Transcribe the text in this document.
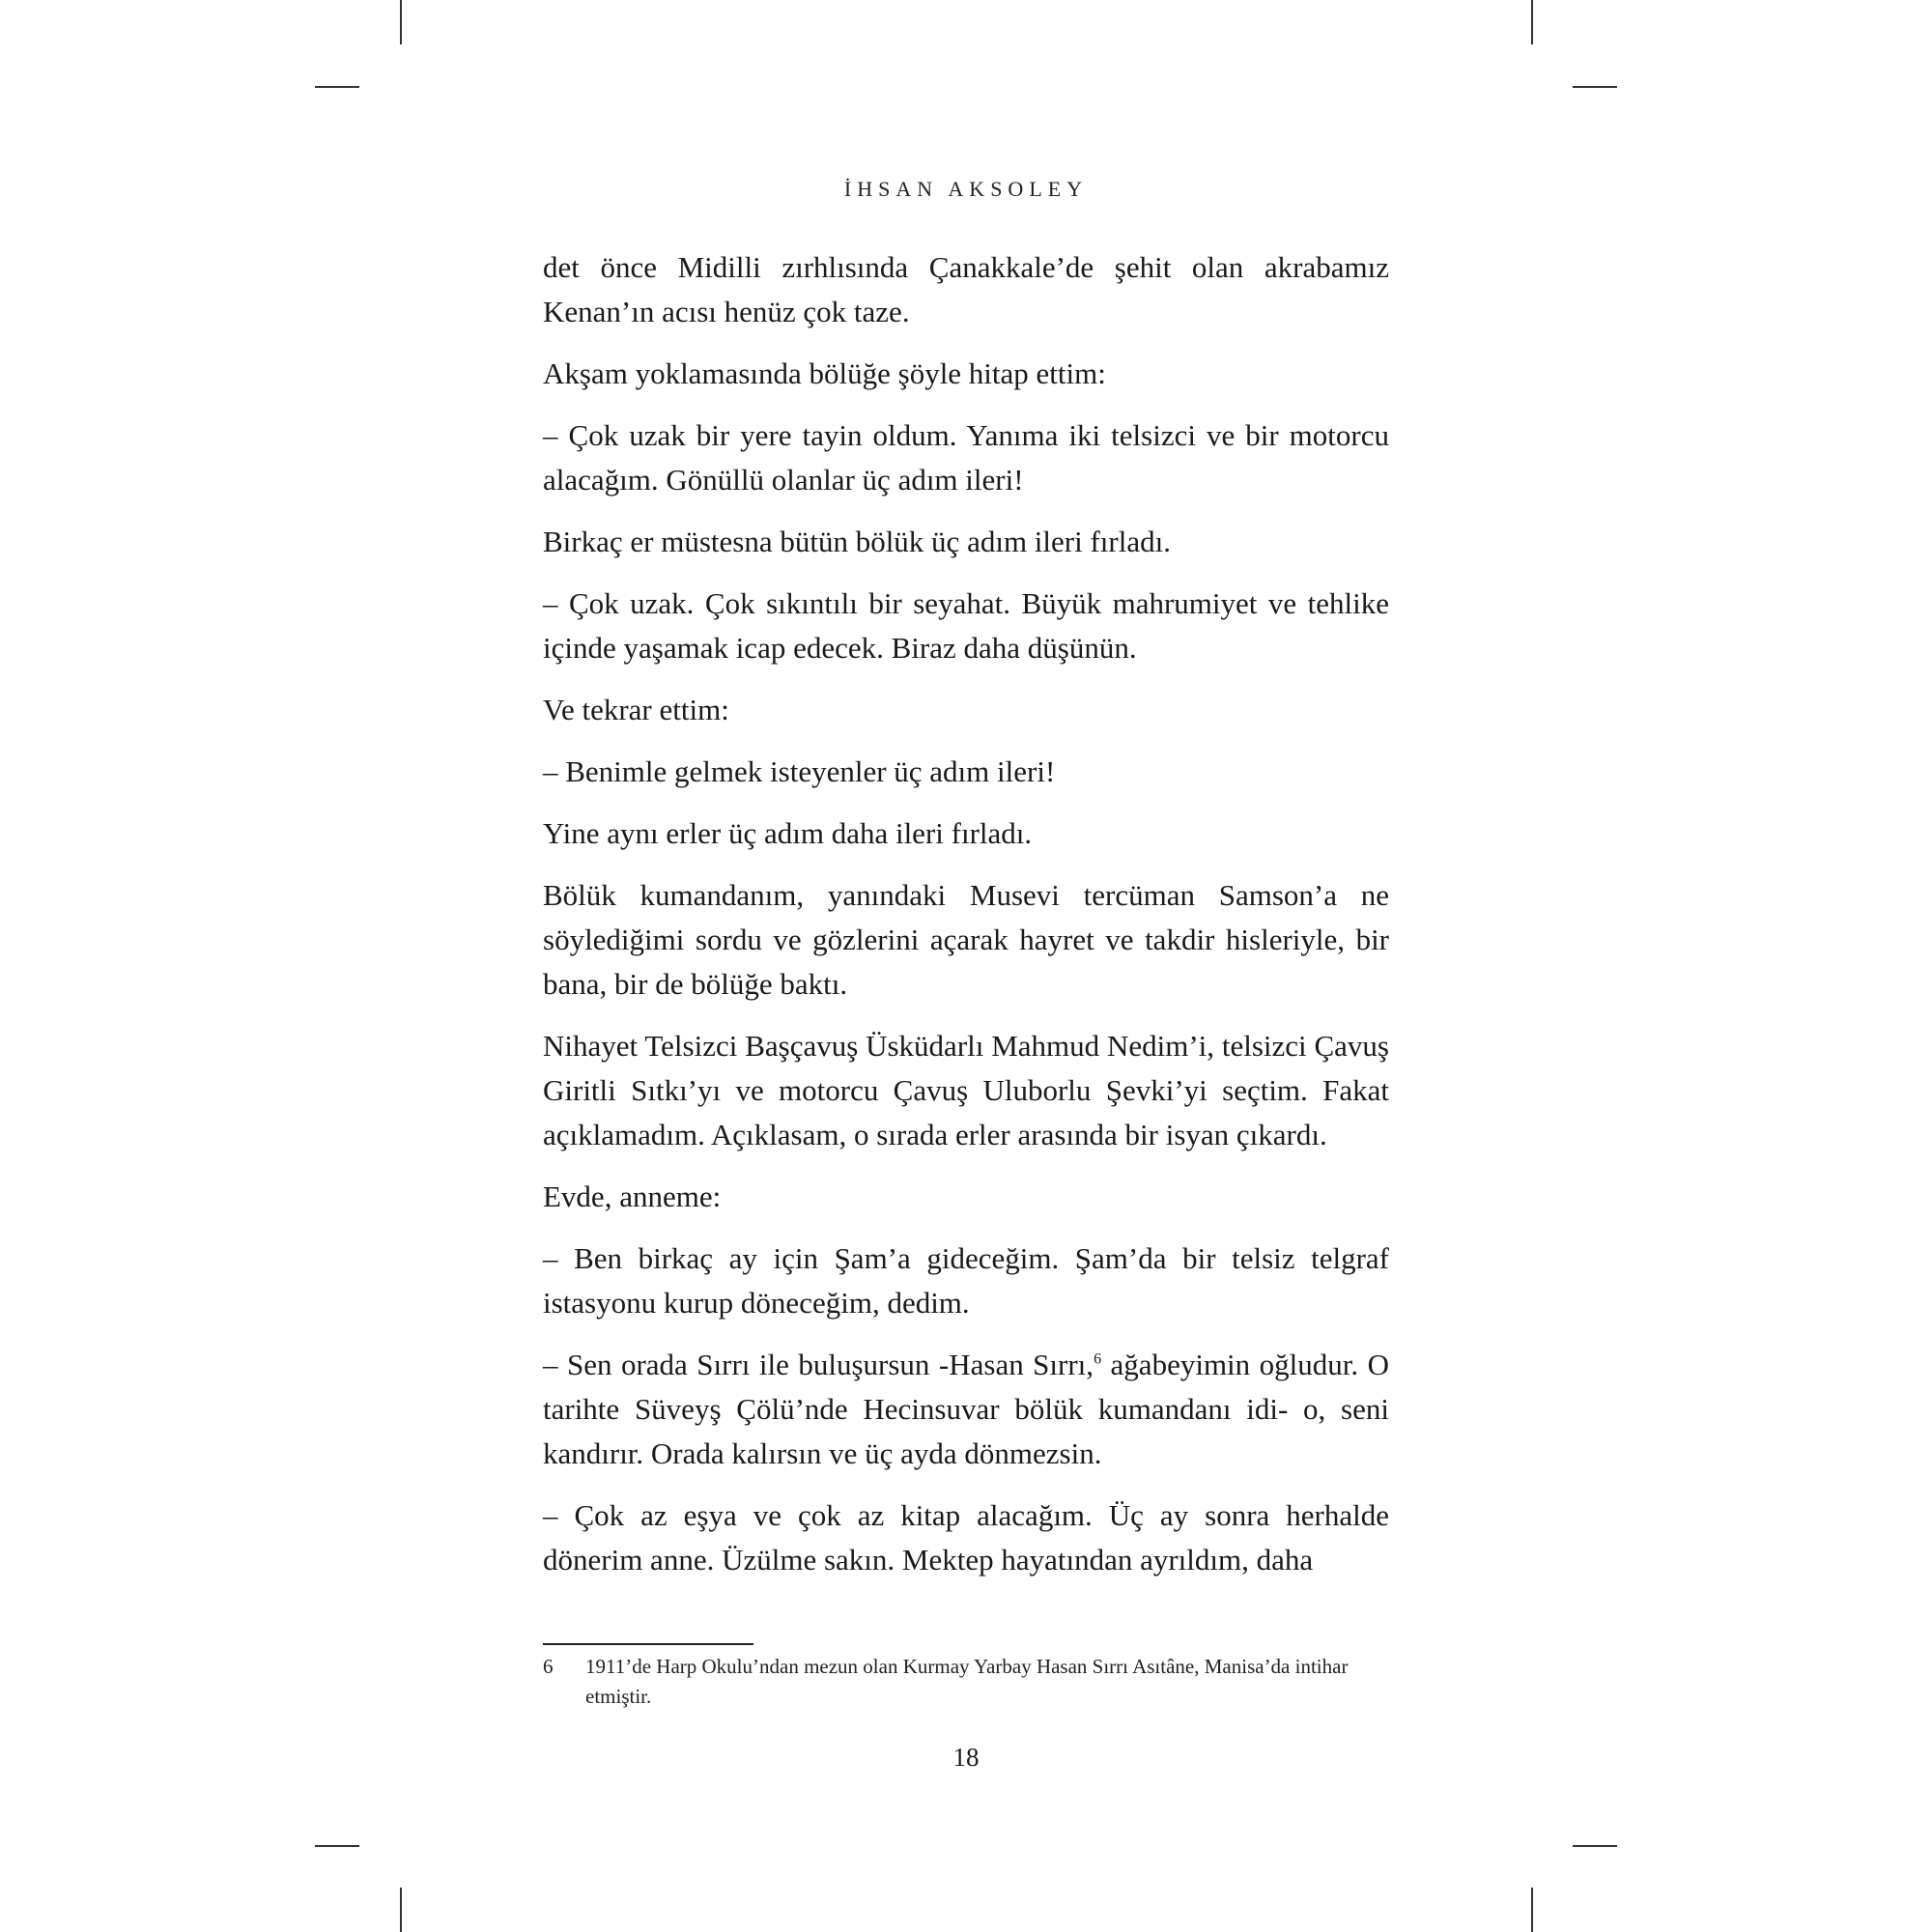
İHSAN AKSOLEY

det önce Midilli zırhlısında Çanakkale’de şehit olan akrabamız Kenan’ın acısı henüz çok taze.

Akşam yoklamasında bölüğe şöyle hitap ettim:

– Çok uzak bir yere tayin oldum. Yanıma iki telsizci ve bir motorcu alacağım. Gönüllü olanlar üç adım ileri!

Birkaç er müstesna bütün bölük üç adım ileri fırladı.

– Çok uzak. Çok sıkıntılı bir seyahat. Büyük mahrumiyet ve tehlike içinde yaşamak icap edecek. Biraz daha düşünün.

Ve tekrar ettim:

– Benimle gelmek isteyenler üç adım ileri!

Yine aynı erler üç adım daha ileri fırladı.

Bölük kumandanım, yanındaki Musevi tercüman Samson’a ne söylediğimi sordu ve gözlerini açarak hayret ve takdir hisleriyle, bir bana, bir de bölüğe baktı.

Nihayet Telsizci Başçavuş Üsküdarlı Mahmud Nedim’i, telsizci Çavuş Giritli Sıtkı’yı ve motorcu Çavuş Uluborlu Şevki’yi seçtim. Fakat açıklamadım. Açıklasam, o sırada erler arasında bir isyan çıkardı.

Evde, anneme:

– Ben birkaç ay için Şam’a gideceğim. Şam’da bir telsiz telgraf istasyonu kurup döneceğim, dedim.

– Sen orada Sırrı ile buluşursun -Hasan Sırrı,$^6$ ağabeyimin oğludur. O tarihte Süveyş Çölü’nde Hecinsuvar bölük kumandanı idi- o, seni kandırır. Orada kalırsın ve üç ayda dönmezsin.

– Çok az eşya ve çok az kitap alacağım. Üç ay sonra herhalde dönerim anne. Üzülme sakın. Mektep hayatından ayrıldım, daha

6	1911’de Harp Okulu’ndan mezun olan Kurmay Yarbay Hasan Sırrı Asıtâne, Manisa’da intihar etmiştir.
18
